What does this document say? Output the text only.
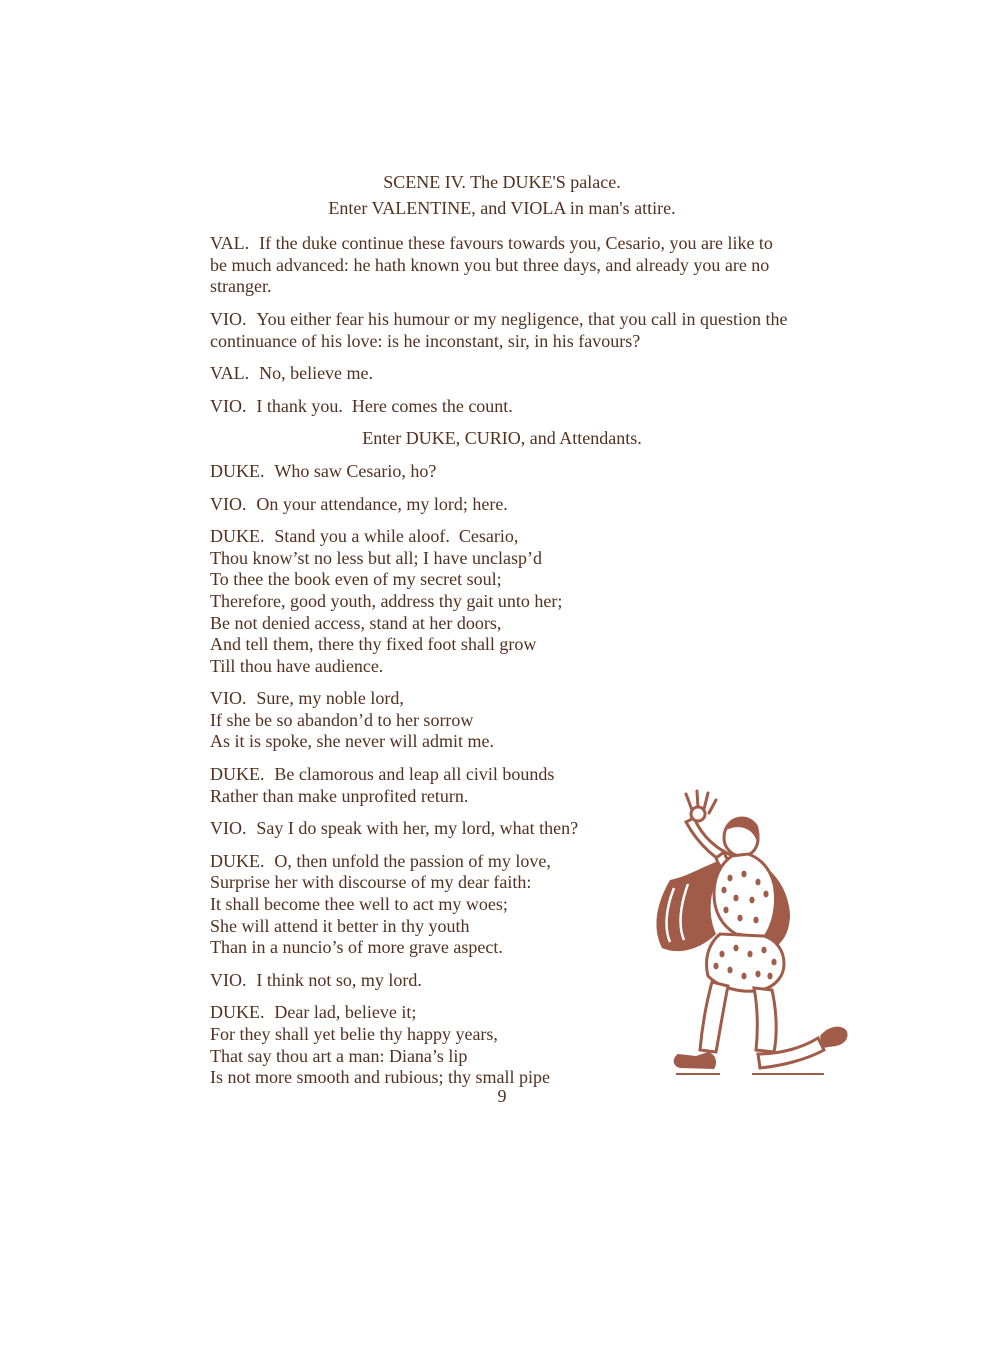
SCENE IV. The DUKE'S palace.
Enter VALENTINE, and VIOLA in man's attire.

VAL. If the duke continue these favours towards you, Cesario, you are like to be much advanced: he hath known you but three days, and already you are no stranger.

VIO. You either fear his humour or my negligence, that you call in question the continuance of his love: is he inconstant, sir, in his favours?

VAL. No, believe me.

VIO. I thank you.  Here comes the count.

Enter DUKE, CURIO, and Attendants.

DUKE. Who saw Cesario, ho?

VIO. On your attendance, my lord; here.

DUKE. Stand you a while aloof.  Cesario,

Thou know’st no less but all; I have unclasp’d

To thee the book even of my secret soul;

Therefore, good youth, address thy gait unto her;

Be not denied access, stand at her doors,

And tell them, there thy fixed foot shall grow

Till thou have audience.

VIO. Sure, my noble lord,

If she be so abandon’d to her sorrow

As it is spoke, she never will admit me.

DUKE. Be clamorous and leap all civil bounds

Rather than make unprofited return.

VIO. Say I do speak with her, my lord, what then?

DUKE. O, then unfold the passion of my love,

Surprise her with discourse of my dear faith:

It shall become thee well to act my woes;

She will attend it better in thy youth

Than in a nuncio’s of more grave aspect.

VIO. I think not so, my lord.

DUKE. Dear lad, believe it;

For they shall yet belie thy happy years,

That say thou art a man: Diana’s lip

Is not more smooth and rubious; thy small pipe

9
